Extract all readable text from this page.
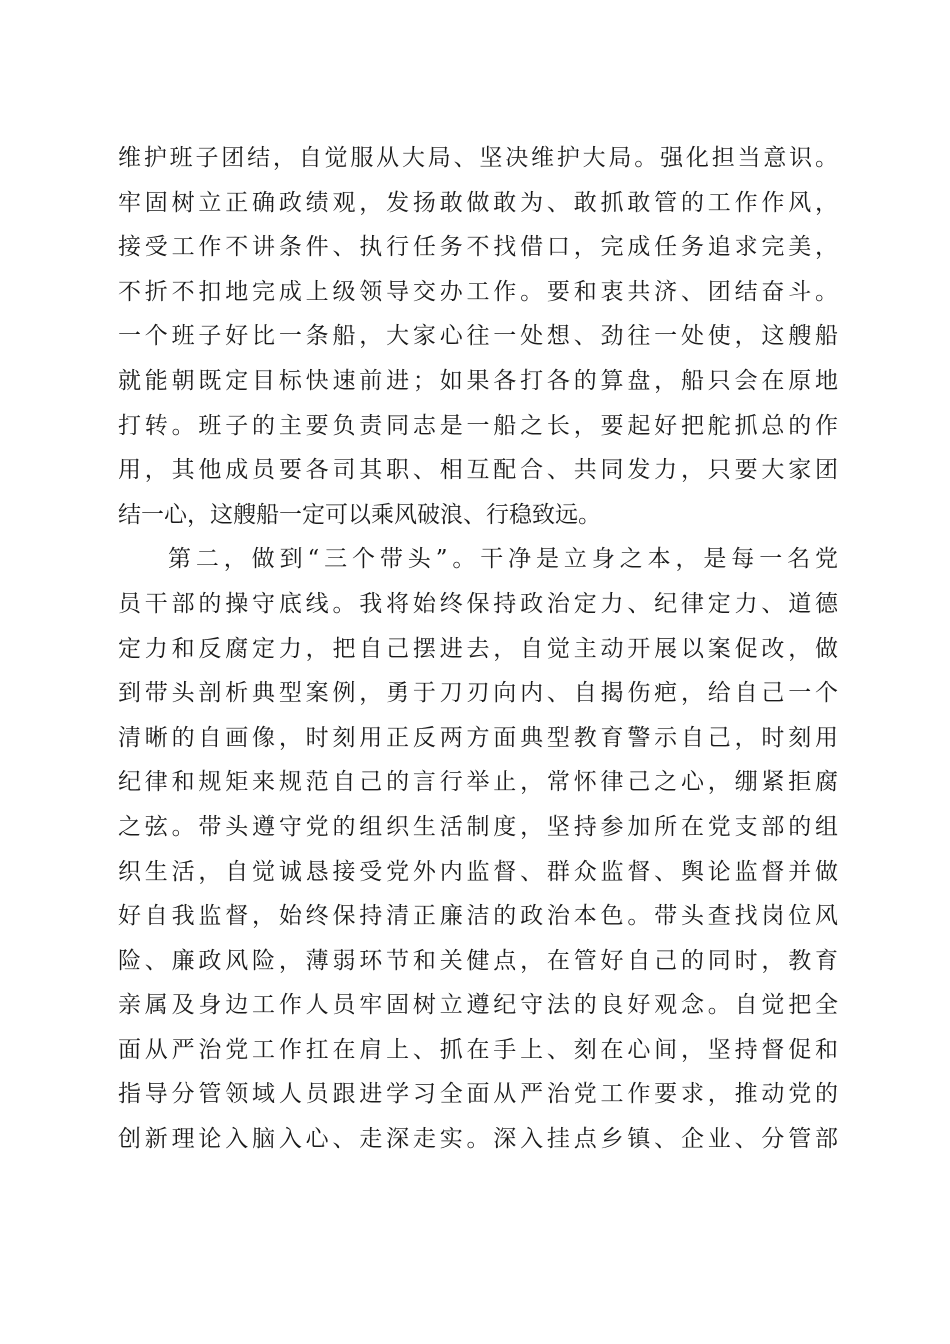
维护班子团结，自觉服从大局、坚决维护大局。强化担当意识。
牢固树立正确政绩观，发扬敢做敢为、敢抓敢管的工作作风，
接受工作不讲条件、执行任务不找借口，完成任务追求完美，
不折不扣地完成上级领导交办工作。要和衷共济、团结奋斗。
一个班子好比一条船，大家心往一处想、劲往一处使，这艘船
就能朝既定目标快速前进；如果各打各的算盘，船只会在原地
打转。班子的主要负责同志是一船之长，要起好把舵抓总的作
用，其他成员要各司其职、相互配合、共同发力，只要大家团
结一心，这艘船一定可以乘风破浪、行稳致远。
第二，做到“三个带头”。干净是立身之本，是每一名党
员干部的操守底线。我将始终保持政治定力、纪律定力、道德
定力和反腐定力，把自己摆进去，自觉主动开展以案促改，做
到带头剖析典型案例，勇于刀刃向内、自揭伤疤，给自己一个
清晰的自画像，时刻用正反两方面典型教育警示自己，时刻用
纪律和规矩来规范自己的言行举止，常怀律己之心，绷紧拒腐
之弦。带头遵守党的组织生活制度，坚持参加所在党支部的组
织生活，自觉诚恳接受党外内监督、群众监督、舆论监督并做
好自我监督，始终保持清正廉洁的政治本色。带头查找岗位风
险、廉政风险，薄弱环节和关健点，在管好自己的同时，教育
亲属及身边工作人员牢固树立遵纪守法的良好观念。自觉把全
面从严治党工作扛在肩上、抓在手上、刻在心间，坚持督促和
指导分管领域人员跟进学习全面从严治党工作要求，推动党的
创新理论入脑入心、走深走实。深入挂点乡镇、企业、分管部
